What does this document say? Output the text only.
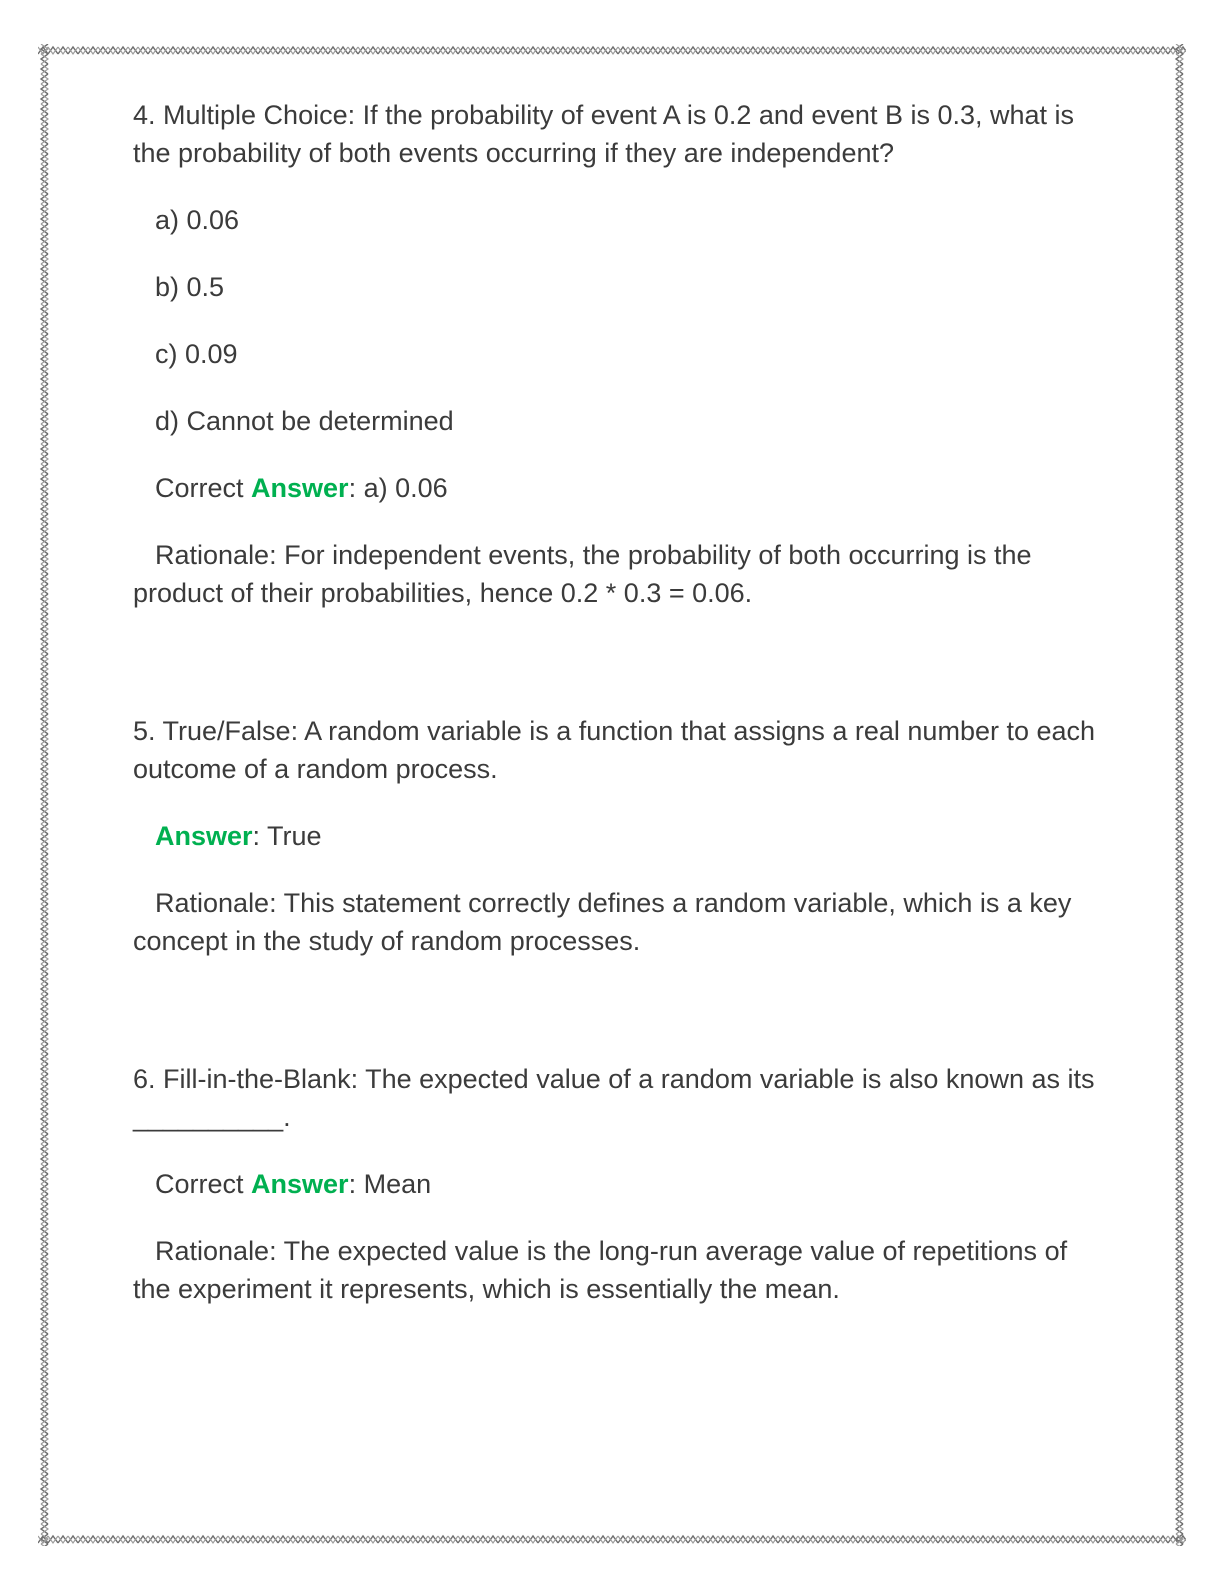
4. Multiple Choice: If the probability of event A is 0.2 and event B is 0.3, what is the probability of both events occurring if they are independent?

a) 0.06

b) 0.5

c) 0.09

d) Cannot be determined

Correct Answer: a) 0.06

Rationale: For independent events, the probability of both occurring is the product of their probabilities, hence 0.2 * 0.3 = 0.06.

5. True/False: A random variable is a function that assigns a real number to each outcome of a random process.

Answer: True

Rationale: This statement correctly defines a random variable, which is a key concept in the study of random processes.

6. Fill-in-the-Blank: The expected value of a random variable is also known as its __________.

Correct Answer: Mean

Rationale: The expected value is the long-run average value of repetitions of the experiment it represents, which is essentially the mean.
